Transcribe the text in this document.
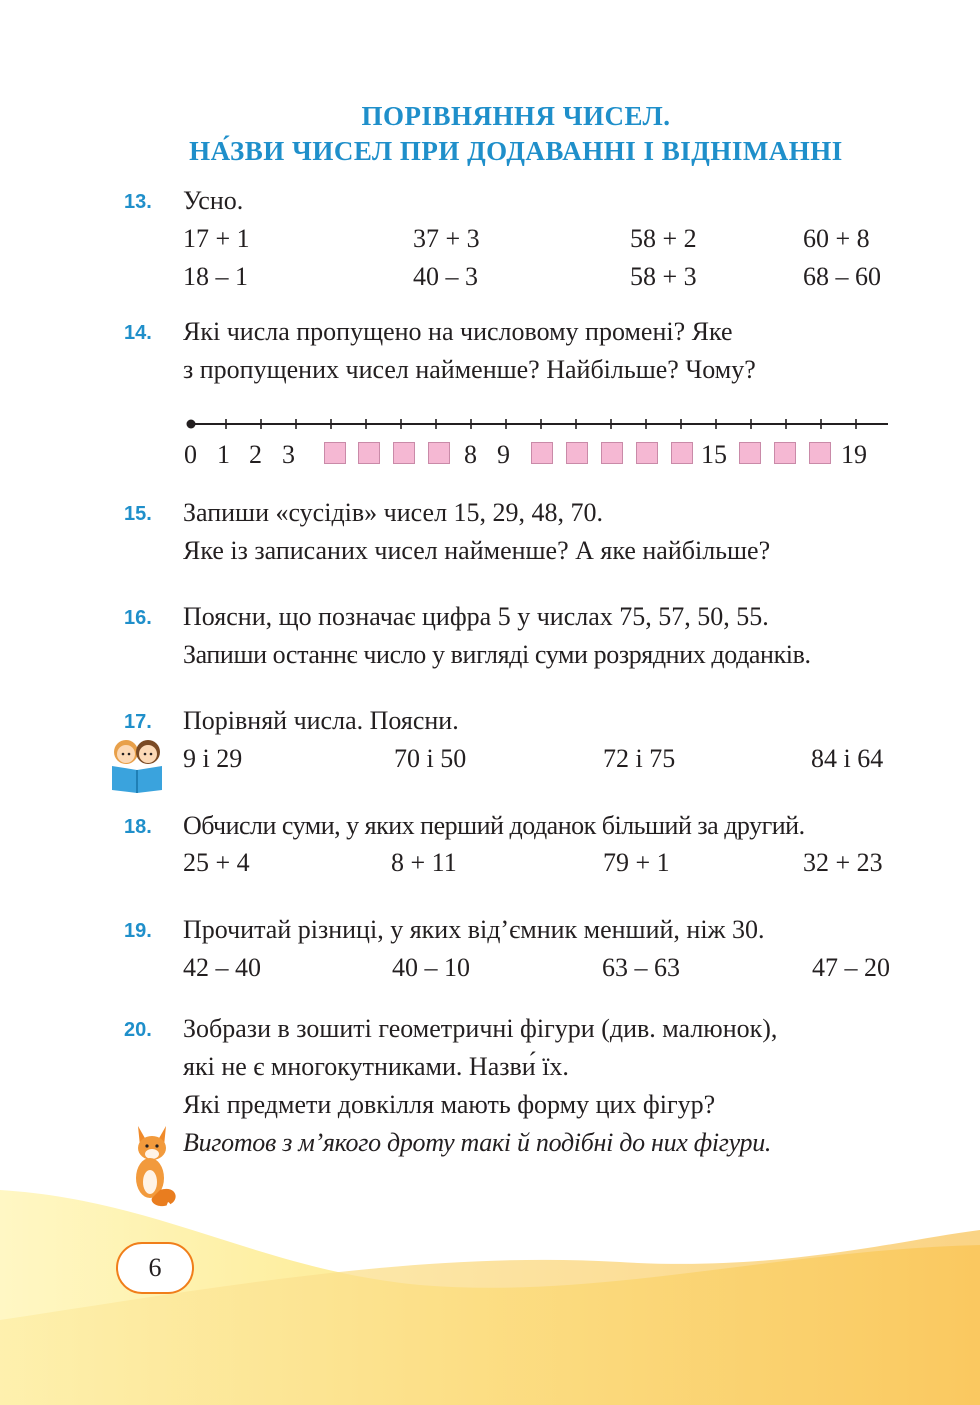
ПОРІВНЯННЯ ЧИСЕЛ.
НА́ЗВИ ЧИСЕЛ ПРИ ДОДАВАННІ І ВІДНІМАННІ
13.	Усно.
17 + 1	37 + 3	58 + 2	60 + 8
18 – 1	40 – 3	58 + 3	68 – 60
14.	Які числа пропущено на числовому промені? Яке
з пропущених чисел найменше? Найбільше? Чому?
0 1 2 3	8 9	15	19
15.	Запиши «сусідів» чисел 15, 29, 48, 70.
Яке із записаних чисел найменше? А яке найбільше?
16.	Поясни, що позначає цифра 5 у числах 75, 57, 50, 55.
Запиши останнє число у вигляді суми розрядних доданків.
17.	Порівняй числа. Поясни.
9 і 29	70 і 50	72 і 75	84 і 64
18.	Обчисли суми, у яких перший доданок більший за другий.
25 + 4	8 + 11	79 + 1	32 + 23
19.	Прочитай різниці, у яких від’ємник менший, ніж 30.
42 – 40	40 – 10	63 – 63	47 – 20
20.	Зобрази в зошиті геометричні фігури (див. малюнок),
які не є многокутниками. Назви́ їх.
Які предмети довкілля мають форму цих фігур?
Виготов з м’якого дроту такі й подібні до них фігури.
6
